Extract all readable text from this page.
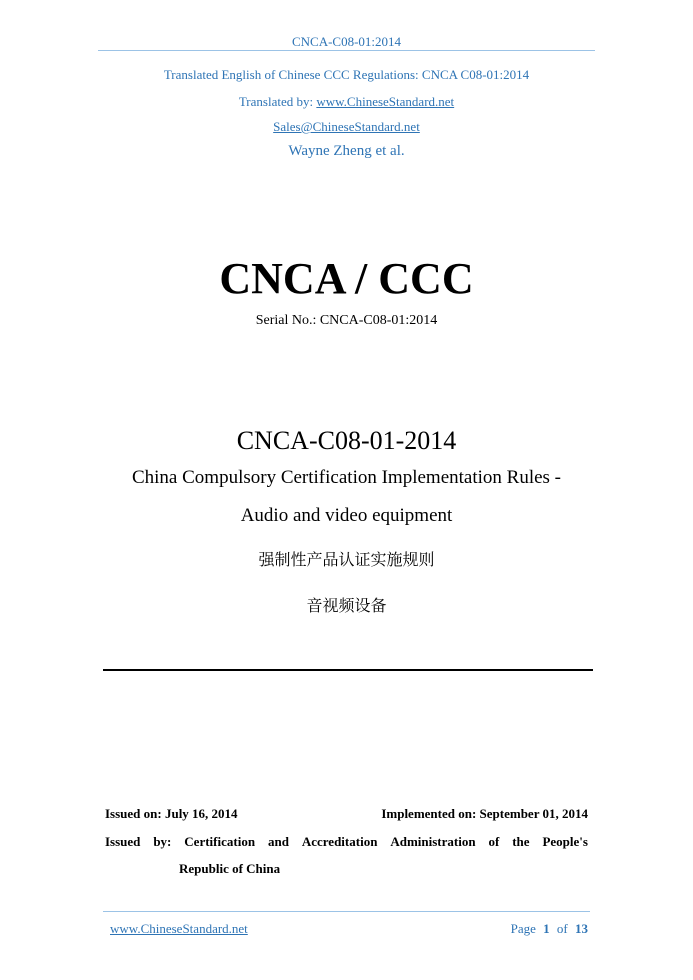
CNCA-C08-01:2014
Translated English of Chinese CCC Regulations: CNCA C08-01:2014
Translated by: www.ChineseStandard.net
Sales@ChineseStandard.net
Wayne Zheng et al.
CNCA / CCC
Serial No.: CNCA-C08-01:2014
CNCA-C08-01-2014
China Compulsory Certification Implementation Rules -
Audio and video equipment
强制性产品认证实施规则
音视频设备
Issued on: July 16, 2014	Implemented on: September 01, 2014
Issued by: Certification and Accreditation Administration of the People's
Republic of China
www.ChineseStandard.net	Page 1 of 13
